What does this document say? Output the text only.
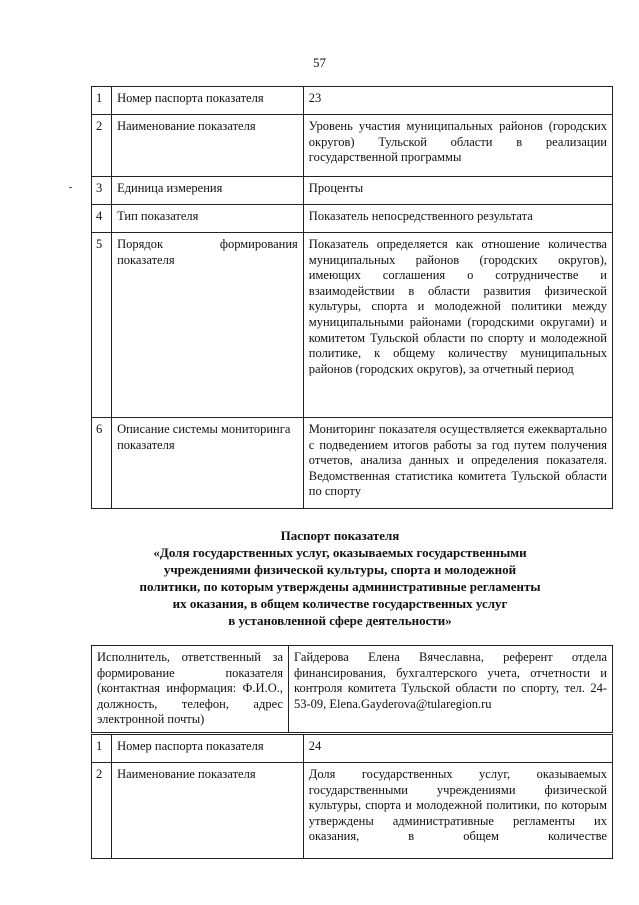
57
1	Номер паспорта показателя	23
2	Наименование показателя	Уровень участия муниципальных районов (городских округов) Тульской области в реализации государственной программы
3	Единица измерения	Проценты
4	Тип показателя	Показатель непосредственного результата
5	Порядок формирования показателя	Показатель определяется как отношение количества муниципальных районов (городских округов), имеющих соглашения о сотрудничестве и взаимодействии в области развития физической культуры, спорта и молодежной политики между муниципальными районами (городскими округами) и комитетом Тульской области по спорту и молодежной политике, к общему количеству муниципальных районов (городских округов), за отчетный период
6	Описание системы мониторинга показателя	Мониторинг показателя осуществляется ежеквартально с подведением итогов работы за год путем получения отчетов, анализа данных и определения показателя. Ведомственная статистика комитета Тульской области по спорту
Паспорт показателя
«Доля государственных услуг, оказываемых государственными
учреждениями физической культуры, спорта и молодежной
политики, по которым утверждены административные регламенты
их оказания, в общем количестве государственных услуг
в установленной сфере деятельности»
Исполнитель, ответственный за формирование показателя (контактная информация: Ф.И.О., должность, телефон, адрес электронной почты)	Гайдерова Елена Вячеславна, референт отдела финансирования, бухгалтерского учета, отчетности и контроля комитета Тульской области по спорту, тел. 24-53-09, Elena.Gayderova@tularegion.ru
1	Номер паспорта показателя	24
2	Наименование показателя	Доля государственных услуг, оказываемых государственными учреждениями физической культуры, спорта и молодежной политики, по которым утверждены административные регламенты их оказания, в общем количестве
